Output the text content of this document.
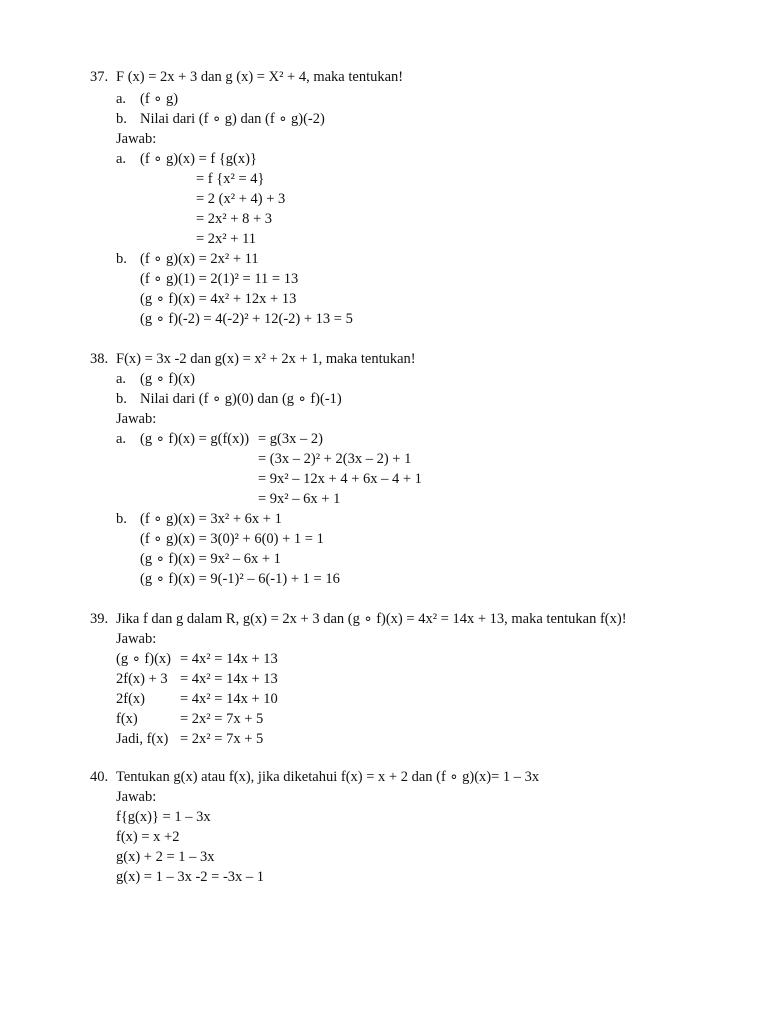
37. F (x) = 2x + 3 dan g (x) = X² + 4, maka tentukan!
a. (f ∘ g)
b. Nilai dari (f ∘ g) dan (f ∘ g)(-2)
Jawab:
a. (f ∘ g)(x) = f {g(x)}
= f {x² = 4}
= 2 (x² + 4) + 3
= 2x² + 8 + 3
= 2x² + 11
b. (f ∘ g)(x) = 2x² + 11
(f ∘ g)(1) = 2(1)² = 11 = 13
(g ∘ f)(x) = 4x² + 12x + 13
(g ∘ f)(-2) = 4(-2)² + 12(-2) + 13 = 5
38. F(x) = 3x -2 dan g(x) = x² + 2x + 1, maka tentukan!
a. (g ∘ f)(x)
b. Nilai dari (f ∘ g)(0) dan (g ∘ f)(-1)
Jawab:
a. (g ∘ f)(x) = g(f(x)) = g(3x – 2)
= (3x – 2)² + 2(3x – 2) + 1
= 9x² – 12x + 4 + 6x – 4 + 1
= 9x² – 6x + 1
b. (f ∘ g)(x) = 3x² + 6x + 1
(f ∘ g)(x) = 3(0)² + 6(0) + 1 = 1
(g ∘ f)(x) = 9x² – 6x + 1
(g ∘ f)(x) = 9(-1)² – 6(-1) + 1 = 16
39. Jika f dan g dalam R, g(x) = 2x + 3 dan (g ∘ f)(x) = 4x² = 14x + 13, maka tentukan f(x)!
Jawab:
(g ∘ f)(x) = 4x² = 14x + 13
2f(x) + 3 = 4x² = 14x + 13
2f(x) = 4x² = 14x + 10
f(x)	= 2x² = 7x + 5
Jadi, f(x) = 2x² = 7x + 5
40. Tentukan g(x) atau f(x), jika diketahui f(x) = x + 2 dan (f ∘ g)(x)= 1 – 3x
Jawab:
f{g(x)} = 1 – 3x
f(x) = x +2
g(x) + 2 = 1 – 3x
g(x) = 1 – 3x -2 = -3x – 1
